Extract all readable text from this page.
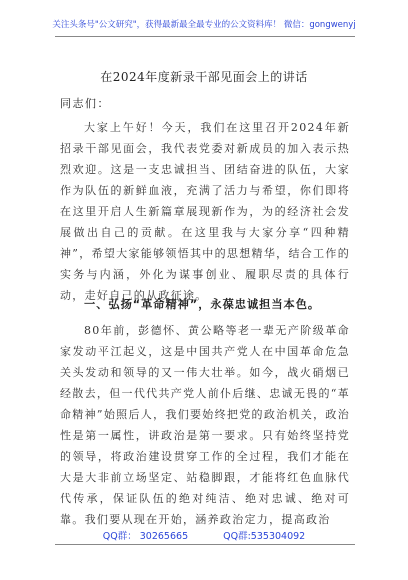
关注头条号"公文研究"，获得最新最全最专业的公文资料库！ 微信：gongwenyj
在2024年度新录干部见面会上的讲话
同志们：

大家上午好！今天，我们在这里召开2024年新招录干部见面会，我代表党委对新成员的加入表示热烈欢迎。这是一支忠诚担当、团结奋进的队伍，大家作为队伍的新鲜血液，充满了活力与希望，你们即将在这里开启人生新篇章展现新作为，为的经济社会发展做出自己的贡献。在这里我与大家分享“四种精神”，希望大家能够领悟其中的思想精华，结合工作的实务与内涵，外化为谋事创业、履职尽责的具体行动，走好自己的从政征途。

一、弘扬“革命精神”，永葆忠诚担当本色。

80年前，彭德怀、黄公略等老一辈无产阶级革命家发动平江起义，这是中国共产党人在中国革命危急关头发动和领导的又一伟大壮举。如今，战火硝烟已经散去，但一代代共产党人前仆后继、忠诚无畏的“革命精神”始照后人，我们要始终把党的政治机关，政治性是第一属性，讲政治是第一要求。只有始终坚持党的领导，将政治建设贯穿工作的全过程，我们才能在大是大非前立场坚定、站稳脚跟，才能将红色血脉代代传承，保证队伍的绝对纯洁、绝对忠诚、绝对可靠。我们要从现在开始，涵养政治定力，提高政治

QQ群： 30265665	QQ群:535304092
